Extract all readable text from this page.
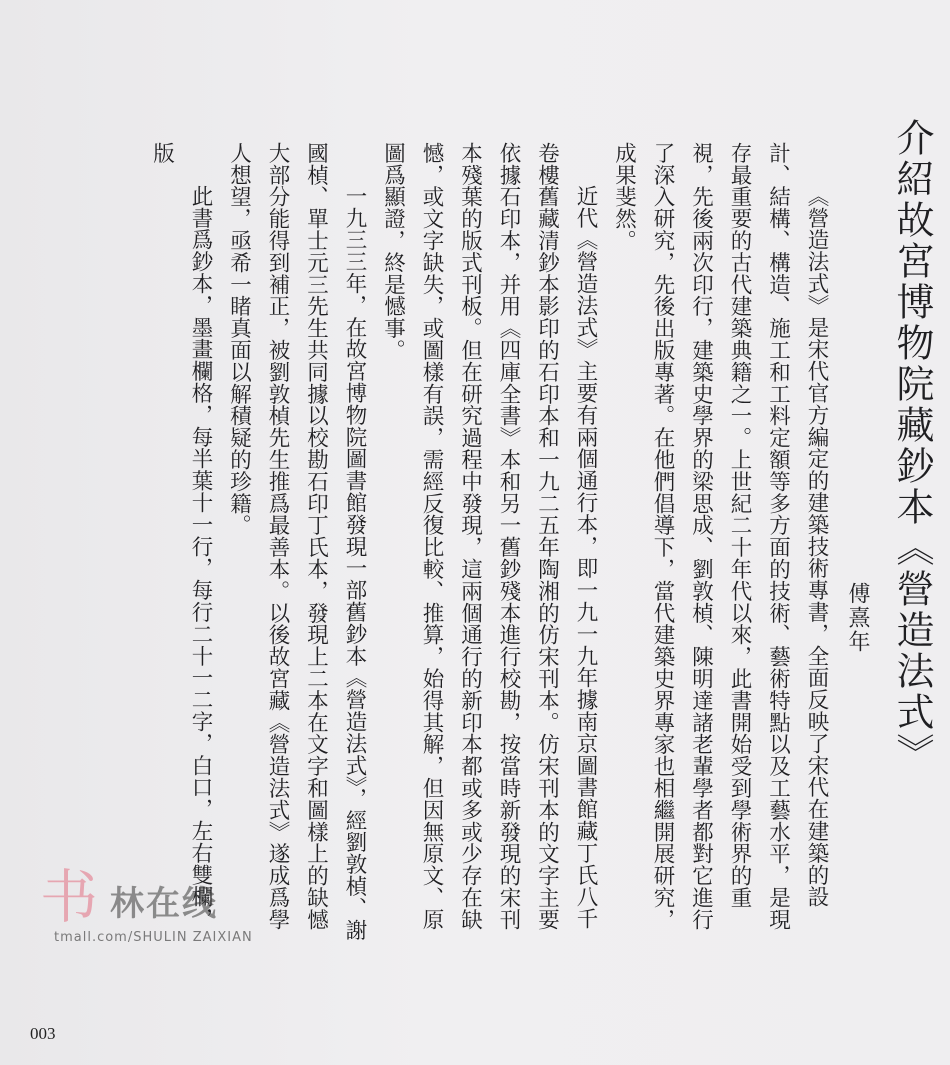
介紹故宮博物院藏鈔本《營造法式》
傅熹年

《營造法式》是宋代官方編定的建築技術專書，全面反映了宋代在建築的設計、結構、構造、施工和工料定額等多方面的技術、藝術特點以及工藝水平，是現存最重要的古代建築典籍之一。上世紀二十年代以來，此書開始受到學術界的重視，先後兩次印行，建築史學界的梁思成、劉敦楨、陳明達諸老輩學者都對它進行了深入研究，先後出版專著。在他們倡導下，當代建築史界專家也相繼開展研究，成果斐然。

近代《營造法式》主要有兩個通行本，即一九一九年據南京圖書館藏丁氏八千卷樓舊藏清鈔本影印的石印本和一九二五年陶湘的仿宋刊本。仿宋刊本的文字主要依據石印本，并用《四庫全書》本和另一舊鈔殘本進行校勘，按當時新發現的宋刊本殘葉的版式刊板。但在研究過程中發現，這兩個通行的新印本都或多或少存在缺憾，或文字缺失，或圖樣有誤，需經反復比較、推算，始得其解，但因無原文、原圖爲顯證，終是憾事。

一九三三年，在故宮博物院圖書館發現一部舊鈔本《營造法式》，經劉敦楨、謝國楨、單士元三先生共同據以校勘石印丁氏本，發現上二本在文字和圖樣上的缺憾大部分能得到補正，被劉敦楨先生推爲最善本。以後故宮藏《營造法式》遂成爲學人想望，亟希一睹真面以解積疑的珍籍。

此書爲鈔本，墨畫欄格，每半葉十一行，每行二十一二字，白口，左右雙欄，版

书 林在线
tmall.com/SHULIN ZAIXIAN
003
